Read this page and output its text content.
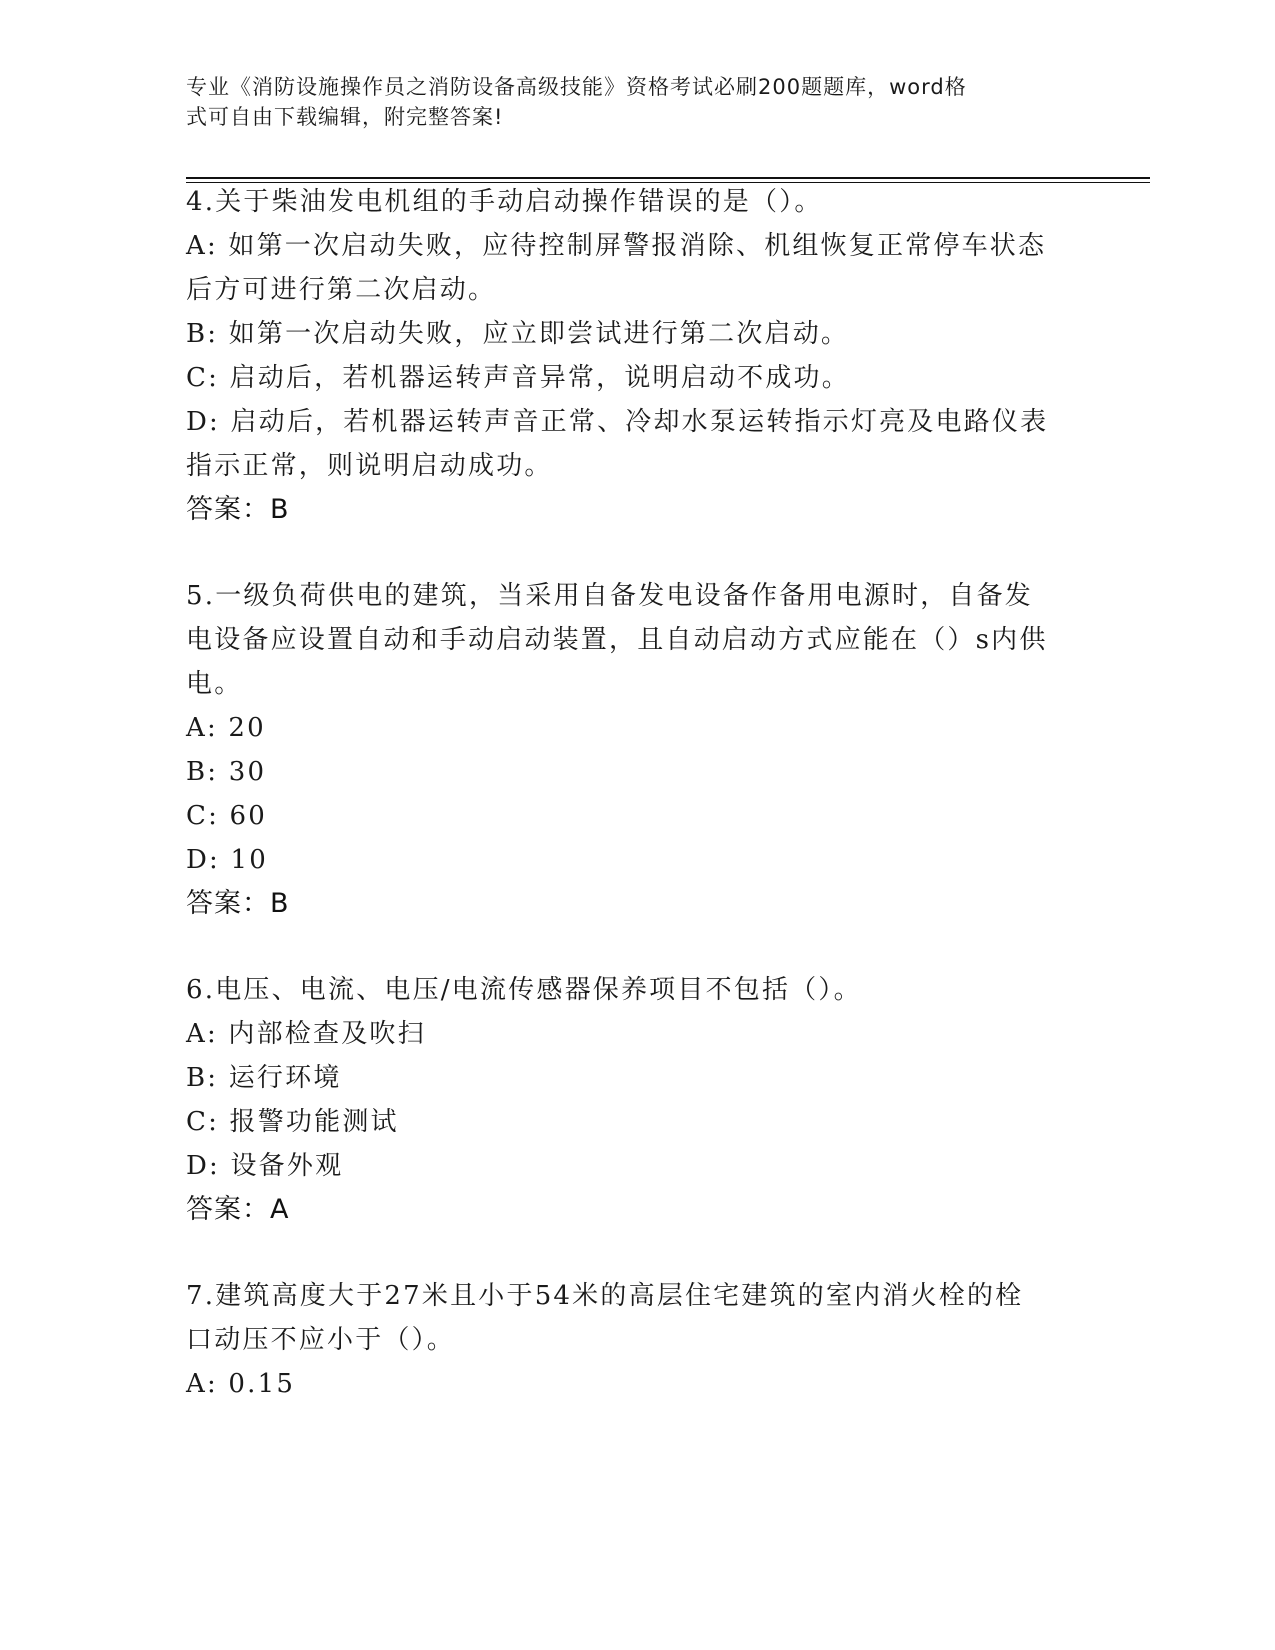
专业《消防设施操作员之消防设备高级技能》资格考试必刷200题题库，word格
式可自由下载编辑，附完整答案!
4.关于柴油发电机组的手动启动操作错误的是（）。
A: 如第一次启动失败，应待控制屏警报消除、机组恢复正常停车状态
后方可进行第二次启动。
B: 如第一次启动失败，应立即尝试进行第二次启动。
C: 启动后，若机器运转声音异常，说明启动不成功。
D: 启动后，若机器运转声音正常、冷却水泵运转指示灯亮及电路仪表
指示正常，则说明启动成功。
答案：B
5.一级负荷供电的建筑，当采用自备发电设备作备用电源时，自备发
电设备应设置自动和手动启动装置，且自动启动方式应能在（）s内供
电。
A: 20
B: 30
C: 60
D: 10
答案：B
6.电压、电流、电压/电流传感器保养项目不包括（）。
A: 内部检查及吹扫
B: 运行环境
C: 报警功能测试
D: 设备外观
答案：A
7.建筑高度大于27米且小于54米的高层住宅建筑的室内消火栓的栓
口动压不应小于（）。
A: 0.15
